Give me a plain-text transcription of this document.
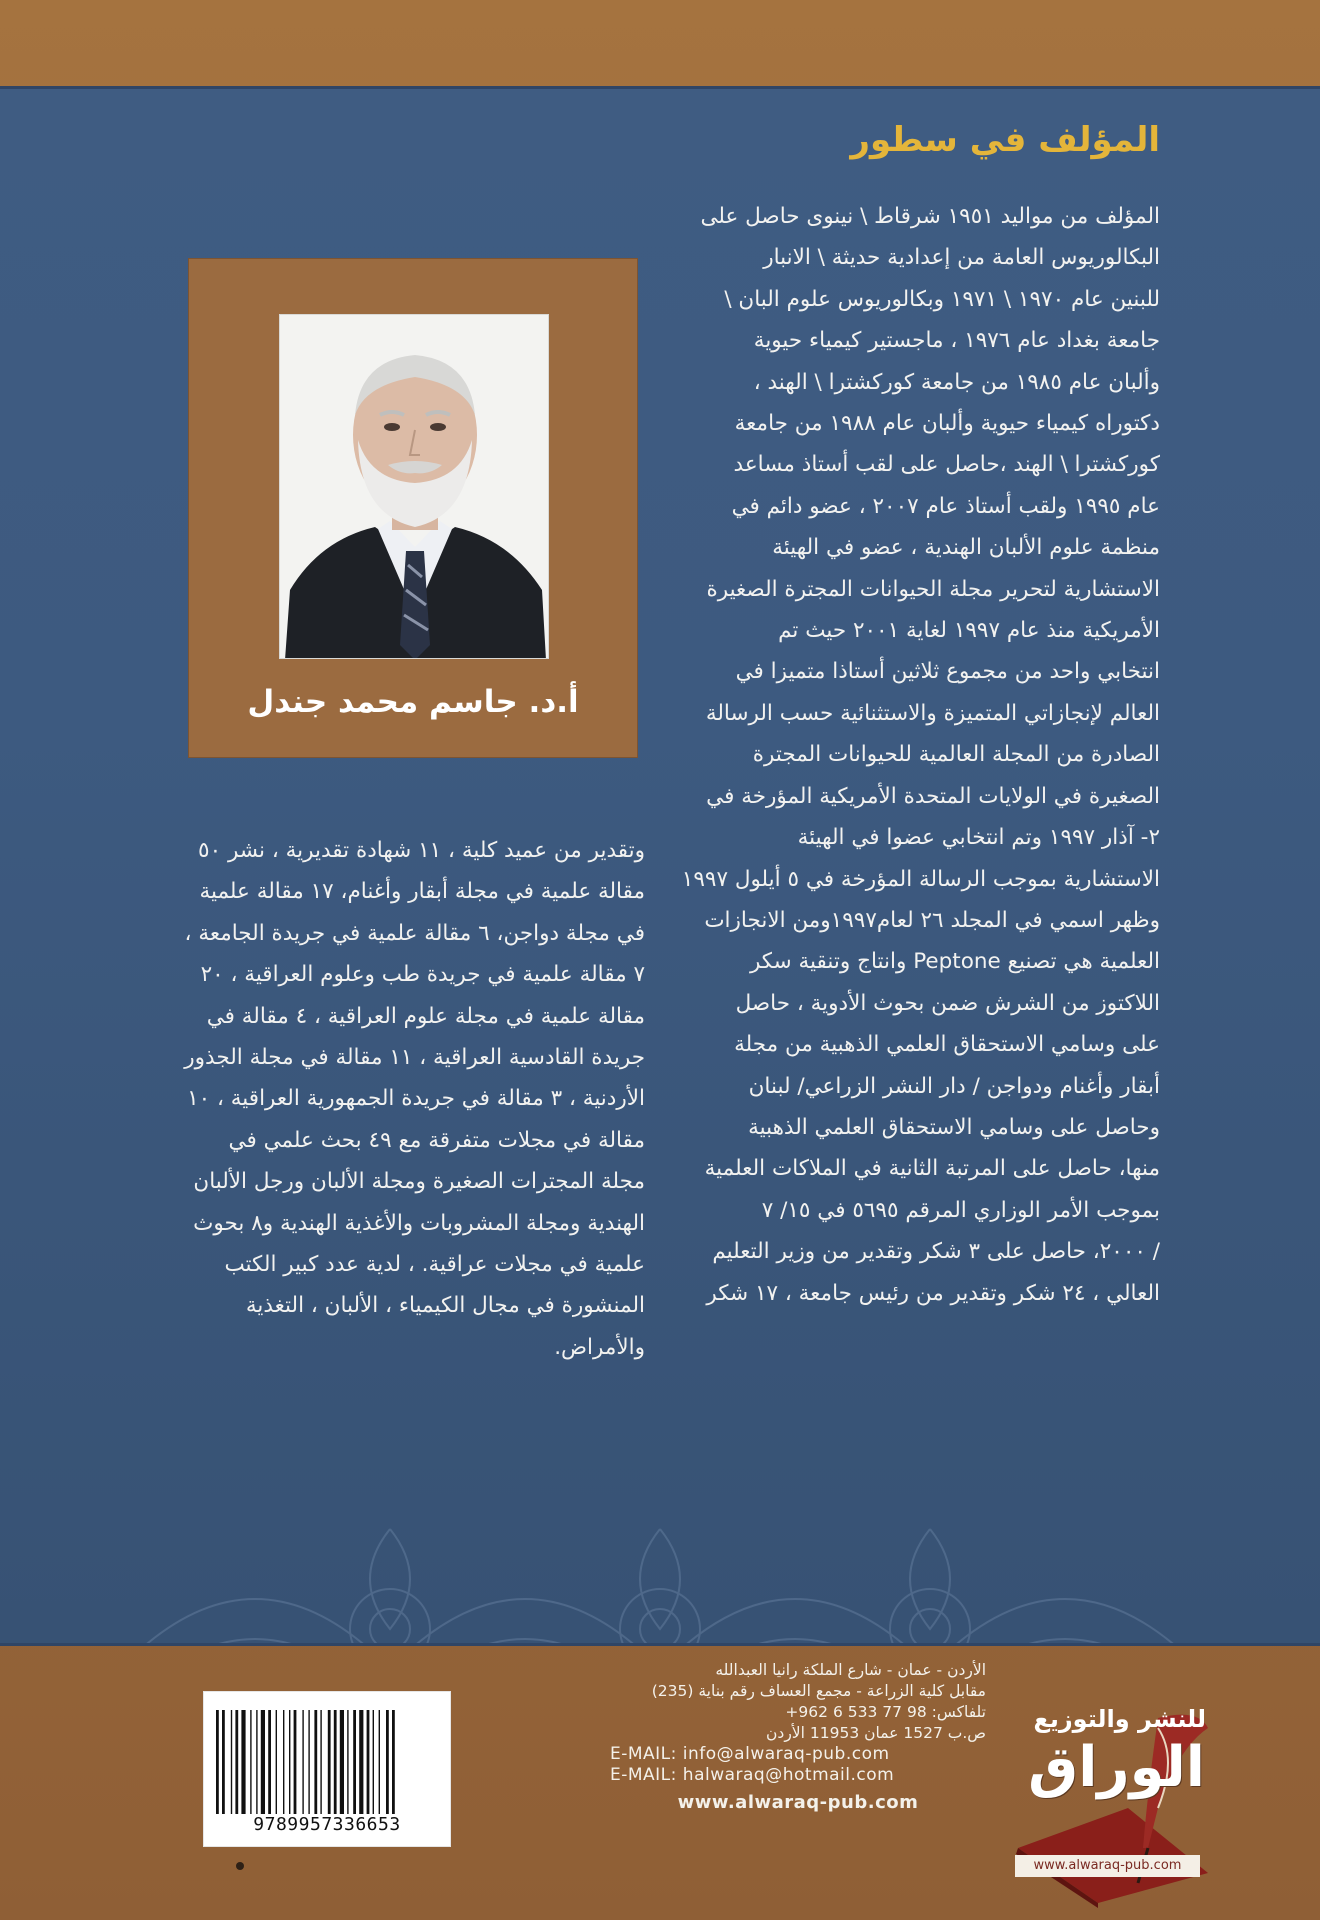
المؤلف في سطور
المؤلف من مواليد ١٩٥١ شرقاط \ نينوى حاصل على
البكالوريوس العامة من إعدادية حديثة \ الانبار
للبنين عام ١٩٧٠ \ ١٩٧١ وبكالوريوس علوم البان \
جامعة بغداد عام ١٩٧٦ ، ماجستير كيمياء حيوية
وألبان عام ١٩٨٥ من جامعة كوركشترا \ الهند ،
دكتوراه كيمياء حيوية وألبان عام ١٩٨٨ من جامعة
كوركشترا \ الهند ،حاصل على لقب أستاذ مساعد
عام ١٩٩٥ ولقب أستاذ عام ٢٠٠٧ ، عضو دائم في
منظمة علوم الألبان الهندية ، عضو في الهيئة
الاستشارية لتحرير مجلة الحيوانات المجترة الصغيرة
الأمريكية منذ عام ١٩٩٧ لغاية ٢٠٠١ حيث تم
انتخابي واحد من مجموع ثلاثين أستاذا متميزا في
العالم لإنجازاتي المتميزة والاستثنائية حسب الرسالة
الصادرة من المجلة العالمية للحيوانات المجترة
الصغيرة في الولايات المتحدة الأمريكية المؤرخة في
٢- آذار ١٩٩٧ وتم انتخابي عضوا في الهيئة
الاستشارية بموجب الرسالة المؤرخة في ٥ أيلول ١٩٩٧
وظهر اسمي في المجلد ٢٦ لعام١٩٩٧ومن الانجازات
العلمية هي تصنيع Peptone وانتاج وتنقية سكر
اللاكتوز من الشرش ضمن بحوث الأدوية ، حاصل
على وسامي الاستحقاق العلمي الذهبية من مجلة
أبقار وأغنام ودواجن / دار النشر الزراعي/ لبنان
وحاصل على وسامي الاستحقاق العلمي الذهبية
منها، حاصل على المرتبة الثانية في الملاكات العلمية
بموجب الأمر الوزاري المرقم ٥٦٩٥ في ١٥/ ٧
/ ٢٠٠٠، حاصل على ٣ شكر وتقدير من وزير التعليم
العالي ، ٢٤ شكر وتقدير من رئيس جامعة ، ١٧ شكر
أ.د. جاسم محمد جندل
وتقدير من عميد كلية ، ١١ شهادة تقديرية ، نشر ٥٠
مقالة علمية في مجلة أبقار وأغنام، ١٧ مقالة علمية
في مجلة دواجن، ٦ مقالة علمية في جريدة الجامعة ،
٧ مقالة علمية في جريدة طب وعلوم العراقية ، ٢٠
مقالة علمية في مجلة علوم العراقية ، ٤ مقالة في
جريدة القادسية العراقية ، ١١ مقالة في مجلة الجذور
الأردنية ، ٣ مقالة في جريدة الجمهورية العراقية ، ١٠
مقالة في مجلات متفرقة مع ٤٩ بحث علمي في
مجلة المجترات الصغيرة ومجلة الألبان ورجل الألبان
الهندية ومجلة المشروبات والأغذية الهندية و٨ بحوث
علمية في مجلات عراقية. ، لدية عدد كبير الكتب
المنشورة في مجال الكيمياء ، الألبان ، التغذية
والأمراض.
للنشر والتوزيع
الوراق
www.alwaraq-pub.com
الأردن - عمان - شارع الملكة رانيا العبدالله
مقابل كلية الزراعة - مجمع العساف رقم بناية (235)
تلفاكس: 98 77 533 6 962+
ص.ب 1527 عمان 11953 الأردن
E-MAIL: info@alwaraq-pub.com
E-MAIL: halwaraq@hotmail.com
www.alwaraq-pub.com
9789957336653
